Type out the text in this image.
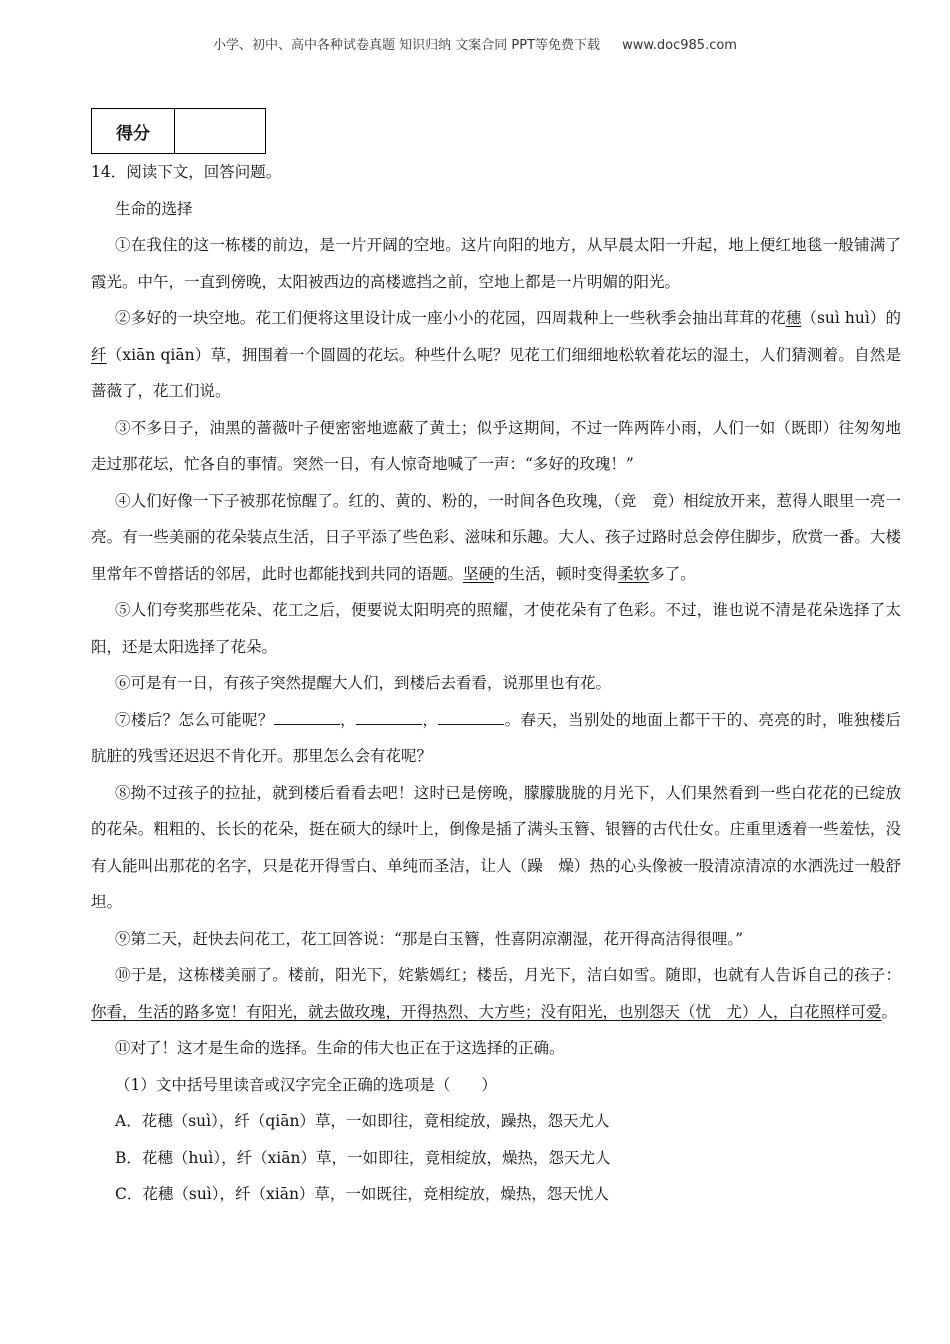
小学、初中、高中各种试卷真题 知识归纳 文案合同 PPT等免费下载 www.doc985.com
得分	

14．阅读下文，回答问题。

生命的选择

①在我住的这一栋楼的前边，是一片开阔的空地。这片向阳的地方，从早晨太阳一升起，地上便红地毯一般铺满了霞光。中午，一直到傍晚，太阳被西边的高楼遮挡之前，空地上都是一片明媚的阳光。

②多好的一块空地。花工们便将这里设计成一座小小的花园，四周栽种上一些秋季会抽出茸茸的花穗（suì huì）的纤（xiān qiān）草，拥围着一个圆圆的花坛。种些什么呢？见花工们细细地松软着花坛的湿土，人们猜测着。自然是蔷薇了，花工们说。

③不多日子，油黑的蔷薇叶子便密密地遮蔽了黄土；似乎这期间，不过一阵两阵小雨，人们一如（既即）往匆匆地走过那花坛，忙各自的事情。突然一日，有人惊奇地喊了一声：“多好的玫瑰！”

④人们好像一下子被那花惊醒了。红的、黄的、粉的，一时间各色玫瑰，（竞　竟）相绽放开来，惹得人眼里一亮一亮。有一些美丽的花朵装点生活，日子平添了些色彩、滋味和乐趣。大人、孩子过路时总会停住脚步，欣赏一番。大楼里常年不曾搭话的邻居，此时也都能找到共同的语题。坚硬的生活，顿时变得柔软多了。

⑤人们夸奖那些花朵、花工之后，便要说太阳明亮的照耀，才使花朵有了色彩。不过，谁也说不清是花朵选择了太阳，还是太阳选择了花朵。

⑥可是有一日，有孩子突然提醒大人们，到楼后去看看，说那里也有花。

⑦楼后？怎么可能呢？	，	，	。春天，当别处的地面上都干干的、亮亮的时，唯独楼后肮脏的残雪还迟迟不肯化开。那里怎么会有花呢？

⑧拗不过孩子的拉扯，就到楼后看看去吧！这时已是傍晚，朦朦胧胧的月光下，人们果然看到一些白花花的已绽放的花朵。粗粗的、长长的花朵，挺在硕大的绿叶上，倒像是插了满头玉簪、银簪的古代仕女。庄重里透着一些羞怯，没有人能叫出那花的名字，只是花开得雪白、单纯而圣洁，让人（躁　燥）热的心头像被一股清凉清凉的水洒洗过一般舒坦。

⑨第二天，赶快去问花工，花工回答说：“那是白玉簪，性喜阴凉潮湿，花开得高洁得很哩。”

⑩于是，这栋楼美丽了。楼前，阳光下，姹紫嫣红；楼岳，月光下，洁白如雪。随即，也就有人告诉自己的孩子：你看，生活的路多宽！有阳光，就去做玫瑰，开得热烈、大方些；没有阳光，也别怨天（忧　尤）人，白花照样可爱。

⑪对了！这才是生命的选择。生命的伟大也正在于这选择的正确。

（1）文中括号里读音或汉字完全正确的选项是（　　）

A．花穗（suì），纤（qiān）草，一如即往，竟相绽放，躁热，怨天尤人

B．花穗（huì），纤（xiān）草，一如即往，竟相绽放，燥热，怨天尤人

C．花穗（suì），纤（xiān）草，一如既往，竞相绽放，燥热，怨天忧人
